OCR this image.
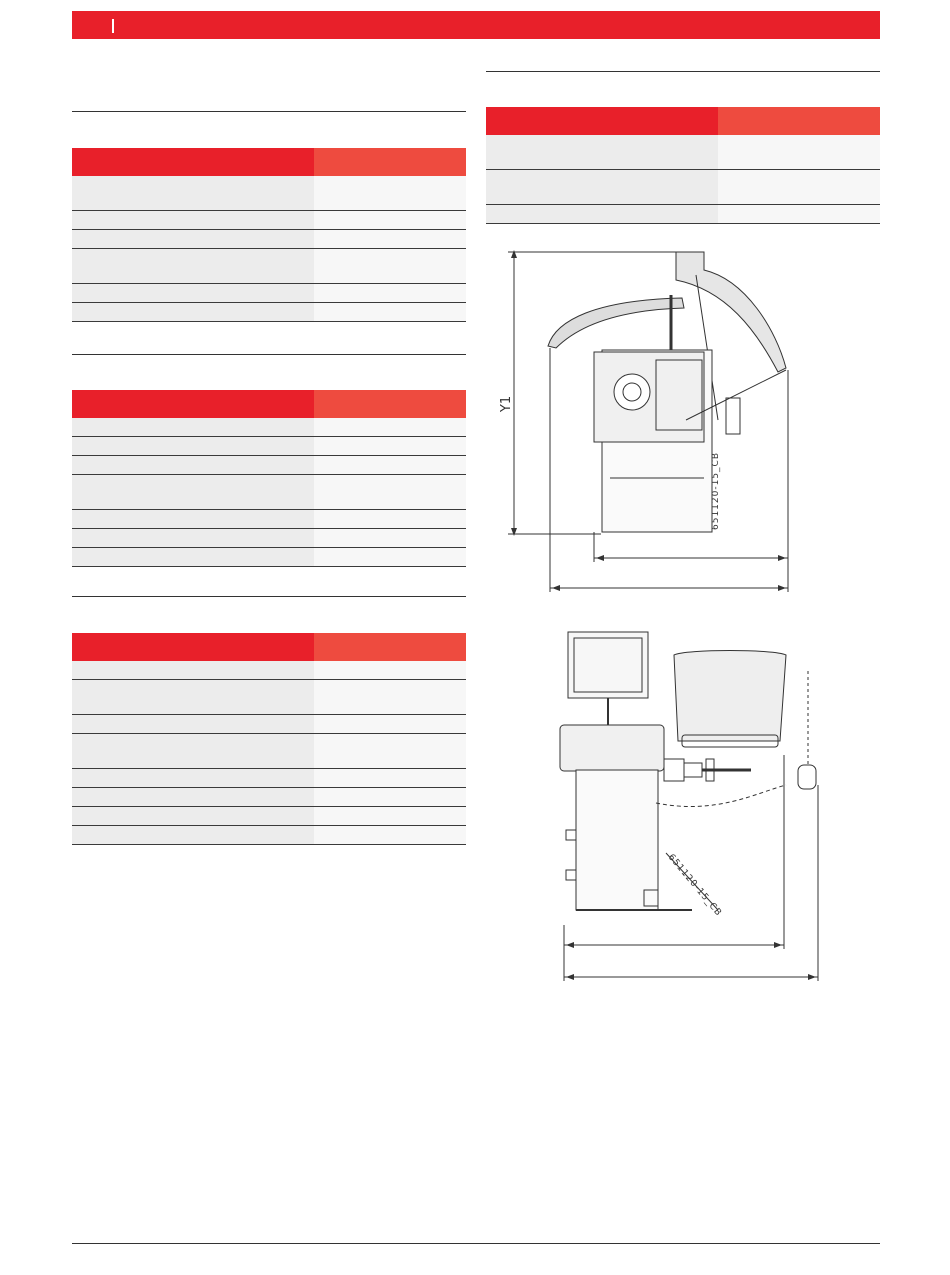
Y1
651120-15_CB
651120-15_CB
